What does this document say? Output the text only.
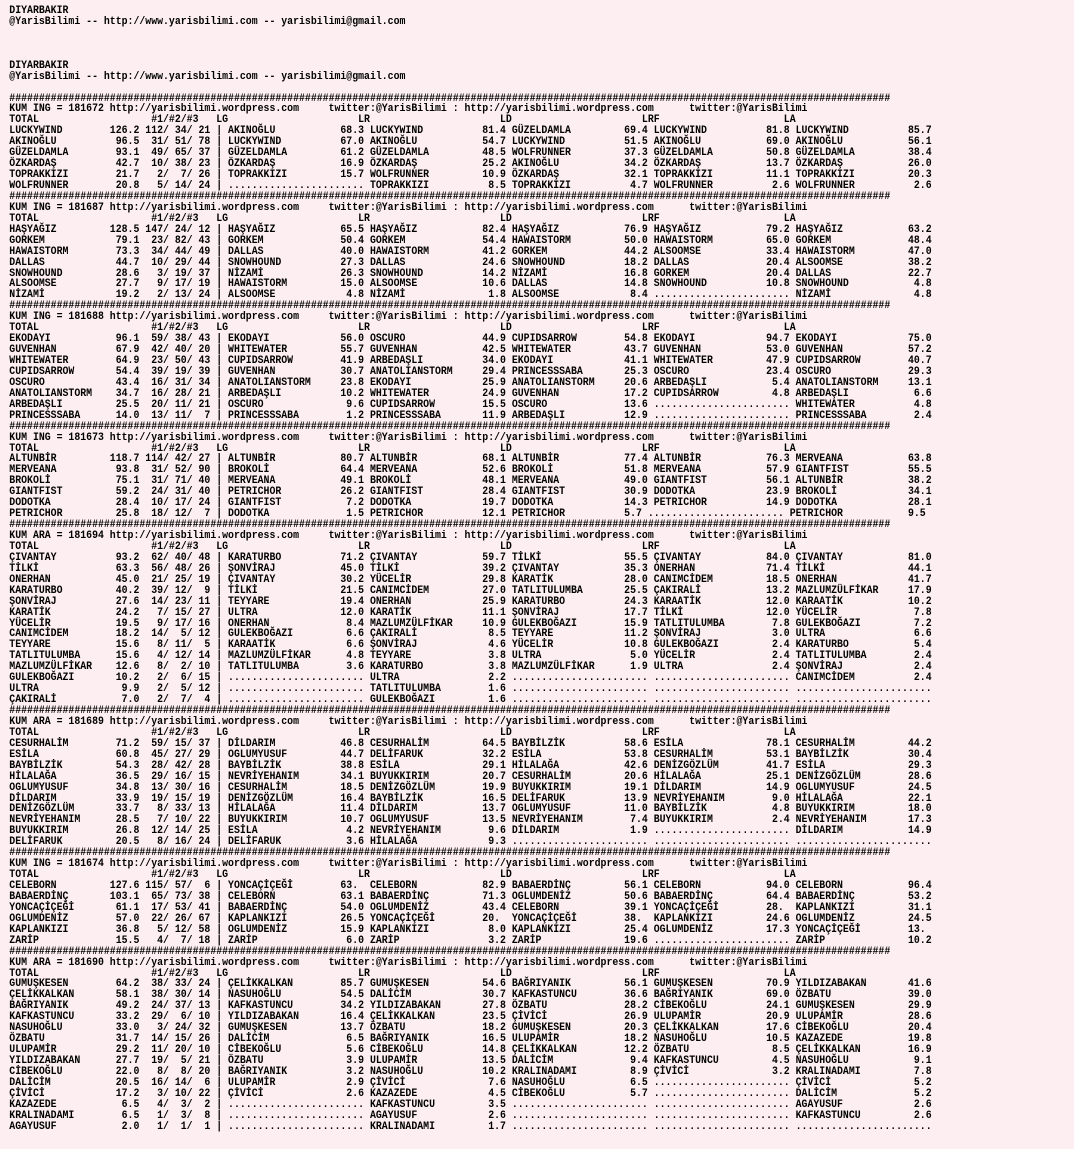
DIYARBAKIR
@YarisBilimi -- http://www.yarisbilimi.com -- yarisbilimi@gmail.com

DIYARBAKIR
@YarisBilimi -- http://www.yarisbilimi.com -- yarisbilimi@gmail.com

#####################################################################################################################################################
KUM ING = 181672 http://yarisbilimi.wordpress.com     twitter:@YarisBilimi : http://yarisbilimi.wordpress.com      twitter:@YarisBilimi
TOTAL                   #1/#2/#3   LG                      LR                      LD                      LRF                     LA
LUCKYWIND        126.2 112/ 34/ 21 | AKINOĞLU           68.3 LUCKYWIND          81.4 GÜZELDAMLA         69.4 LUCKYWIND          81.8 LUCKYWIND          85.7
AKINOĞLU          96.5  31/ 51/ 78 | LUCKYWIND          67.0 AKINOĞLU           54.7 LUCKYWIND          51.5 AKINOĞLU           69.0 AKINOĞLU           56.1
GÜZELDAMLA        93.1  49/ 65/ 37 | GÜZELDAMLA         61.2 GÜZELDAMLA         48.5 WOLFRUNNER         37.3 GÜZELDAMLA         50.8 GÜZELDAMLA         38.4
ÖZKARDAŞ          42.7  10/ 38/ 23 | ÖZKARDAŞ           16.9 ÖZKARDAŞ           25.2 AKINOĞLU           34.2 ÖZKARDAŞ           13.7 ÖZKARDAŞ           26.0
TOPRAKKIZI        21.7   2/  7/ 26 | TOPRAKKIZI         15.7 WOLFRUNNER         10.9 ÖZKARDAŞ           32.1 TOPRAKKIZI         11.1 TOPRAKKIZI         20.3
WOLFRUNNER        20.8   5/ 14/ 24 | ....................... TOPRAKKIZI          8.5 TOPRAKKIZI          4.7 WOLFRUNNER          2.6 WOLFRUNNER          2.6
#####################################################################################################################################################
KUM ING = 181687 http://yarisbilimi.wordpress.com     twitter:@YarisBilimi : http://yarisbilimi.wordpress.com      twitter:@YarisBilimi
TOTAL                   #1/#2/#3   LG                      LR                      LD                      LRF                     LA
HAŞYAĞIZ         128.5 147/ 24/ 12 | HAŞYAĞIZ           65.5 HAŞYAĞIZ           82.4 HAŞYAĞIZ           76.9 HAŞYAĞIZ           79.2 HAŞYAĞIZ           63.2
GORKEM            79.1  23/ 82/ 43 | GORKEM             50.4 GORKEM             54.4 HAWAISTORM         50.0 HAWAISTORM         65.0 GORKEM             48.4
HAWAISTORM        73.3  34/ 44/ 49 | DALLAS             40.0 HAWAISTORM         41.2 GORKEM             44.2 ALSOOMSE           33.4 HAWAISTORM         47.0
DALLAS            44.7  10/ 29/ 44 | SNOWHOUND          27.3 DALLAS             24.6 SNOWHOUND          18.2 DALLAS             20.4 ALSOOMSE           38.2
SNOWHOUND         28.6   3/ 19/ 37 | NİZAMİ             26.3 SNOWHOUND          14.2 NİZAMİ             16.8 GORKEM             20.4 DALLAS             22.7
ALSOOMSE          27.7   9/ 17/ 19 | HAWAISTORM         15.0 ALSOOMSE           10.6 DALLAS             14.8 SNOWHOUND          10.8 SNOWHOUND           4.8
NİZAMİ            19.2   2/ 13/ 24 | ALSOOMSE            4.8 NİZAMİ              1.8 ALSOOMSE            8.4 ....................... NİZAMİ              4.8
#####################################################################################################################################################
KUM ING = 181688 http://yarisbilimi.wordpress.com     twitter:@YarisBilimi : http://yarisbilimi.wordpress.com      twitter:@YarisBilimi
TOTAL                   #1/#2/#3   LG                      LR                      LD                      LRF                     LA
EKODAYI           96.1  59/ 38/ 43 | EKODAYI            56.0 OSCURO             44.9 CUPIDSARROW        54.8 EKODAYI            94.7 EKODAYI            75.0
GUVENHAN          67.9  42/ 40/ 20 | WHITEWATER         55.7 GUVENHAN           42.5 WHITEWATER         43.7 GUVENHAN           53.0 GUVENHAN           57.2
WHITEWATER        64.9  23/ 50/ 43 | CUPIDSARROW        41.9 ARBEDAŞLI          34.0 EKODAYI            41.1 WHITEWATER         47.9 CUPIDSARROW        40.7
CUPIDSARROW       54.4  39/ 19/ 39 | GUVENHAN           30.7 ANATOLIANSTORM     29.4 PRINCESSSABA       25.3 OSCURO             23.4 OSCURO             29.3
OSCURO            43.4  16/ 31/ 34 | ANATOLIANSTORM     23.8 EKODAYI            25.9 ANATOLIANSTORM     20.6 ARBEDAŞLI           5.4 ANATOLIANSTORM     13.1
ANATOLIANSTORM    34.7  16/ 28/ 21 | ARBEDAŞLI          10.2 WHITEWATER         24.9 GUVENHAN           17.2 CUPIDSARROW         4.8 ARBEDAŞLI           6.6
ARBEDAŞLI         25.5  20/ 11/ 21 | OSCURO              9.6 CUPIDSARROW        15.5 OSCURO             13.6 ....................... WHITEWATER          4.8
PRINCESSSABA      14.0  13/ 11/  7 | PRINCESSSABA        1.2 PRINCESSSABA       11.9 ARBEDAŞLI          12.9 ....................... PRINCESSSABA        2.4
#####################################################################################################################################################
KUM ING = 181673 http://yarisbilimi.wordpress.com     twitter:@YarisBilimi : http://yarisbilimi.wordpress.com      twitter:@YarisBilimi
TOTAL                   #1/#2/#3   LG                      LR                      LD                      LRF                     LA
ALTUNBİR         118.7 114/ 42/ 27 | ALTUNBİR           80.7 ALTUNBİR           68.1 ALTUNBİR           77.4 ALTUNBİR           76.3 MERVEANA           63.8
MERVEANA          93.8  31/ 52/ 90 | BROKOLİ            64.4 MERVEANA           52.6 BROKOLİ            51.8 MERVEANA           57.9 GIANTFIST          55.5
BROKOLİ           75.1  31/ 71/ 40 | MERVEANA           49.1 BROKOLİ            48.1 MERVEANA           49.0 GIANTFIST          56.1 ALTUNBİR           38.2
GIANTFIST         59.2  24/ 31/ 40 | PETRICHOR          26.2 GIANTFIST          28.4 GIANTFIST          30.9 DODOTKA            23.9 BROKOLİ            34.1
DODOTKA           28.4  10/ 17/ 24 | GIANTFIST           7.2 DODOTKA            19.7 DODOTKA            14.3 PETRICHOR          14.9 DODOTKA            28.1
PETRICHOR         25.8  18/ 12/  7 | DODOTKA             1.5 PETRICHOR          12.1 PETRICHOR          5.7 ....................... PETRICHOR           9.5
#####################################################################################################################################################
KUM ARA = 181694 http://yarisbilimi.wordpress.com     twitter:@YarisBilimi : http://yarisbilimi.wordpress.com      twitter:@YarisBilimi
TOTAL                   #1/#2/#3   LG                      LR                      LD                      LRF                     LA
ÇIVANTAY          93.2  62/ 40/ 48 | KARATURBO          71.2 ÇIVANTAY           59.7 TİLKİ              55.5 ÇIVANTAY           84.0 ÇIVANTAY           81.0
TİLKİ             63.3  56/ 48/ 26 | ŞONVİRAJ           45.0 TİLKİ              39.2 ÇIVANTAY           35.3 ONERHAN            71.4 TİLKİ              44.1
ONERHAN           45.0  21/ 25/ 19 | ÇIVANTAY           30.2 YÜCELİR            29.8 KARATİK            28.0 CANIMCİDEM         18.5 ONERHAN            41.7
KARATURBO         40.2  39/ 12/  9 | TİLKİ              21.5 CANIMCİDEM         27.0 TATLITULUMBA       25.5 ÇAKIRALİ           13.2 MAZLUMZÜLFİKAR     17.9
ŞONVİRAJ          27.6  14/ 23/ 11 | TEYYARE            19.4 ONERHAN            25.9 KARATURBO          24.3 KARAATİK           12.0 KARAATİK           10.2
KARATİK           24.2   7/ 15/ 27 | ULTRA              12.0 KARATİK            11.1 ŞONVİRAJ           17.7 TİLKİ              12.0 YÜCELİR             7.8
YÜCELİR           19.5   9/ 17/ 16 | ONERHAN             8.4 MAZLUMZÜLFİKAR     10.9 GULEKBOĞAZI        15.9 TATLITULUMBA        7.8 GULEKBOĞAZI         7.2
CANIMCİDEM        18.2  14/  5/ 12 | GULEKBOĞAZI         6.6 ÇAKIRALİ            8.5 TEYYARE            11.2 ŞONVİRAJ            3.0 ULTRA               6.6
TEYYARE           15.6   8/ 11/  5 | KARAATİK            6.6 ŞONVİRAJ            4.6 YÜCELİR            10.8 GULEKBOĞAZI         2.4 KARATURBO           5.4
TATLITULUMBA      15.6   4/ 12/ 14 | MAZLUMZÜLFİKAR      4.8 TEYYARE             3.8 ULTRA               5.0 YÜCELİR             2.4 TATLITULUMBA        2.4
MAZLUMZÜLFİKAR    12.6   8/  2/ 10 | TATLITULUMBA        3.6 KARATURBO           3.8 MAZLUMZÜLFİKAR      1.9 ULTRA               2.4 ŞONVİRAJ            2.4
GULEKBOĞAZI       10.2   2/  6/ 15 | ....................... ULTRA               2.2 ....................... ....................... CANIMCİDEM          2.4
ULTRA              9.9   2/  5/ 12 | ....................... TATLITULUMBA        1.6 ....................... ....................... .......................
ÇAKIRALİ           7.0   2/  7/  4 | ....................... GULEKBOĞAZI         1.6 ....................... ....................... .......................
#####################################################################################################################################################
KUM ARA = 181689 http://yarisbilimi.wordpress.com     twitter:@YarisBilimi : http://yarisbilimi.wordpress.com      twitter:@YarisBilimi
TOTAL                   #1/#2/#3   LG                      LR                      LD                      LRF                     LA
CESURHALİM        71.2  59/ 15/ 37 | DİLDARIM           46.8 CESURHALİM         64.5 BAYBİLZİK          58.6 ESİLA              78.1 CESURHALİM         44.2
ESİLA             60.8  45/ 27/ 29 | OGLUMYUSUF         44.7 DELİFARUK          32.2 ESİLA              53.8 CESURHALİM         53.1 BAYBİLZİK          30.4
BAYBİLZİK         54.3  28/ 42/ 28 | BAYBİLZİK          38.8 ESİLA              29.1 HİLALAĞA           42.6 DENİZGÖZLÜM        41.7 ESİLA              29.3
HİLALAĞA          36.5  29/ 16/ 15 | NEVRİYEHANIM       34.1 BUYUKKIRIM         20.7 CESURHALİM         20.6 HİLALAĞA           25.1 DENİZGÖZLÜM        28.6
OGLUMYUSUF        34.8  13/ 30/ 16 | CESURHALİM         18.5 DENİZGÖZLÜM        19.9 BUYUKKIRIM         19.1 DİLDARIM           14.9 OGLUMYUSUF         24.5
DİLDARIM          33.9  19/ 15/ 19 | DENİZGÖZLÜM        16.4 BAYBİLZİK          16.5 DELİFARUK          13.9 NEVRİYEHANIM        9.0 HİLALAĞA           22.1
DENİZGÖZLÜM       33.7   8/ 33/ 13 | HİLALAĞA           11.4 DİLDARIM           13.7 OGLUMYUSUF         11.0 BAYBİLZİK           4.8 BUYUKKIRIM         18.0
NEVRİYEHANIM      28.5   7/ 10/ 22 | BUYUKKIRIM         10.7 OGLUMYUSUF         13.5 NEVRİYEHANIM        7.4 BUYUKKIRIM          2.4 NEVRİYEHANIM       17.3
BUYUKKIRIM        26.8  12/ 14/ 25 | ESİLA               4.2 NEVRİYEHANIM        9.6 DİLDARIM            1.9 ....................... DİLDARIM           14.9
DELİFARUK         20.5   8/ 16/ 24 | DELİFARUK           3.6 HİLALAĞA            9.3 ....................... ....................... .......................
#####################################################################################################################################################
KUM ING = 181674 http://yarisbilimi.wordpress.com     twitter:@YarisBilimi : http://yarisbilimi.wordpress.com      twitter:@YarisBilimi
TOTAL                   #1/#2/#3   LG                      LR                      LD                      LRF                     LA
CELEBORN         127.6 115/ 57/  6 | YONCAÇİÇEĞİ        63.  CELEBORN           82.9 BABAERDİNÇ         56.1 CELEBORN           94.0 CELEBORN           96.4
BABAERDİNÇ       103.1  65/ 73/ 38 | CELEBORN           63.1 BABAERDİNÇ         71.3 OGLUMDENİZ         50.6 BABAERDİNÇ         64.4 BABAERDİNÇ         53.2
YONCAÇİÇEĞİ       61.1  17/ 53/ 41 | BABAERDİNÇ         54.0 OGLUMDENİZ         43.4 CELEBORN           39.1 YONCAÇİÇEĞİ        28.  KAPLANKIZI         31.1
OGLUMDENİZ        57.0  22/ 26/ 67 | KAPLANKIZI         26.5 YONCAÇİÇEĞİ        20.  YONCAÇİÇEĞİ        38.  KAPLANKIZI         24.6 OGLUMDENİZ         24.5
KAPLANKIZI        36.8   5/ 12/ 58 | OGLUMDENİZ         15.9 KAPLANKIZI          8.0 KAPLANKIZI         25.4 OGLUMDENİZ         17.3 YONCAÇİÇEĞİ        13.
ZARİP             15.5   4/  7/ 18 | ZARİP               6.0 ZARİP               3.2 ZARİP              19.6 ....................... ZARİP              10.2
#####################################################################################################################################################
KUM ARA = 181690 http://yarisbilimi.wordpress.com     twitter:@YarisBilimi : http://yarisbilimi.wordpress.com      twitter:@YarisBilimi
TOTAL                   #1/#2/#3   LG                      LR                      LD                      LRF                     LA
GUMUŞKESEN        64.2  38/ 33/ 24 | ÇELİKKALKAN        85.7 GUMUŞKESEN         54.6 BAĞRIYANIK         56.1 GUMUŞKESEN         70.9 YILDIZABAKAN       41.6
ÇELİKKALKAN       58.1  38/ 30/ 14 | NASUHOĞLU          54.5 DALİCİM            30.7 KAFKASTUNCU        36.6 BAĞRIYANIK         69.0 ÖZBATU             39.0
BAĞRIYANIK        49.2  24/ 37/ 13 | KAFKASTUNCU        34.2 YILDIZABAKAN       27.8 ÖZBATU             28.2 CİBEKOĞLU          24.1 GUMUŞKESEN         29.9
KAFKASTUNCU       33.2  29/  6/ 10 | YILDIZABAKAN       16.4 ÇELİKKALKAN        23.5 ÇİVİCİ             26.9 ULUPAMİR           20.9 ULUPAMİR           28.6
NASUHOĞLU         33.0   3/ 24/ 32 | GUMUŞKESEN         13.7 ÖZBATU             18.2 GUMUŞKESEN         20.3 ÇELİKKALKAN        17.6 CİBEKOĞLU          20.4
ÖZBATU            31.7  14/ 15/ 26 | DALİCİM             6.5 BAĞRIYANIK         16.5 ULUPAMİR           18.2 NASUHOĞLU          10.5 KAZAZEDE           19.8
ULUPAMİR          29.2  11/ 20/ 10 | CİBEKOĞLU           5.6 CİBEKOĞLU          14.8 ÇELİKKALKAN        12.2 ÖZBATU              8.5 ÇELİKKALKAN        16.9
YILDIZABAKAN      27.7  19/  5/ 21 | ÖZBATU              3.9 ULUPAMİR           13.5 DALİCİM             9.4 KAFKASTUNCU         4.5 NASUHOĞLU           9.1
CİBEKOĞLU         22.0   8/  8/ 20 | BAĞRIYANIK          3.2 NASUHOĞLU          10.2 KRALINADAMI         8.9 ÇİVİCİ              3.2 KRALINADAMI         7.8
DALİCİM           20.5  16/ 14/  6 | ULUPAMİR            2.9 ÇİVİCİ              7.6 NASUHOĞLU           6.5 ....................... ÇİVİCİ              5.2
ÇİVİCİ            17.2   3/ 10/ 22 | ÇİVİCİ              2.6 KAZAZEDE            4.5 CİBEKOĞLU           5.7 ....................... DALİCİM             5.2
KAZAZEDE           6.5   4/  3/  2 | ....................... KAFKASTUNCU         3.5 ....................... ....................... AGAYUSUF            2.6
KRALINADAMI        6.5   1/  3/  8 | ....................... AGAYUSUF            2.6 ....................... ....................... KAFKASTUNCU         2.6
AGAYUSUF           2.0   1/  1/  1 | ....................... KRALINADAMI         1.7 ....................... ....................... .......................
